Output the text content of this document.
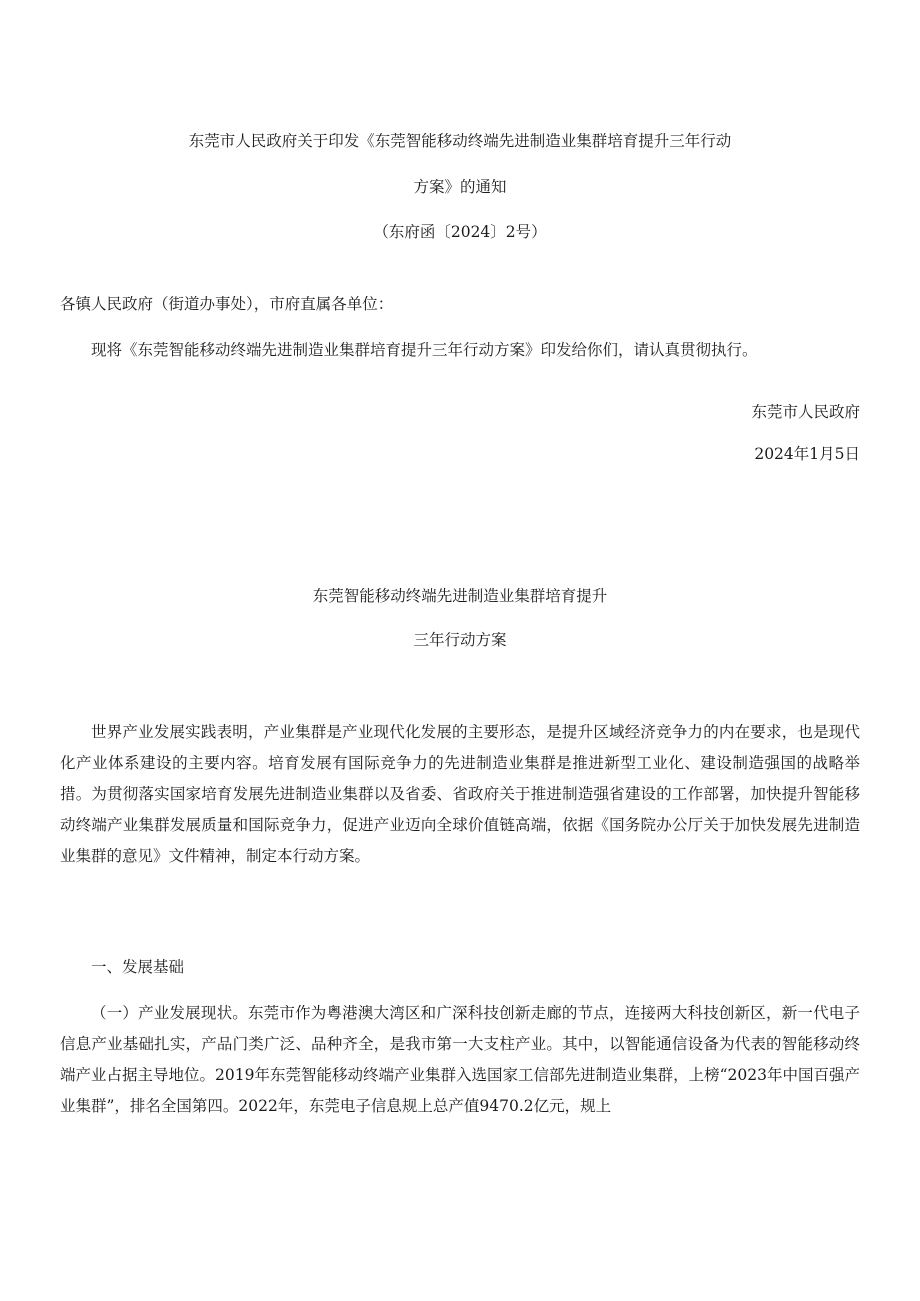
东莞市人民政府关于印发《东莞智能移动终端先进制造业集群培育提升三年行动
方案》的通知
（东府函〔2024〕2号）
各镇人民政府（街道办事处），市府直属各单位：
现将《东莞智能移动终端先进制造业集群培育提升三年行动方案》印发给你们，请认真贯彻执行。
东莞市人民政府
2024年1月5日
东莞智能移动终端先进制造业集群培育提升
三年行动方案
世界产业发展实践表明，产业集群是产业现代化发展的主要形态，是提升区域经济竞争力的内在要求，也是现代化产业体系建设的主要内容。培育发展有国际竞争力的先进制造业集群是推进新型工业化、建设制造强国的战略举措。为贯彻落实国家培育发展先进制造业集群以及省委、省政府关于推进制造强省建设的工作部署，加快提升智能移动终端产业集群发展质量和国际竞争力，促进产业迈向全球价值链高端，依据《国务院办公厅关于加快发展先进制造业集群的意见》文件精神，制定本行动方案。
一、发展基础
（一）产业发展现状。东莞市作为粤港澳大湾区和广深科技创新走廊的节点，连接两大科技创新区，新一代电子信息产业基础扎实，产品门类广泛、品种齐全，是我市第一大支柱产业。其中，以智能通信设备为代表的智能移动终端产业占据主导地位。2019年东莞智能移动终端产业集群入选国家工信部先进制造业集群，上榜“2023年中国百强产业集群”，排名全国第四。2022年，东莞电子信息规上总产值9470.2亿元，规上
